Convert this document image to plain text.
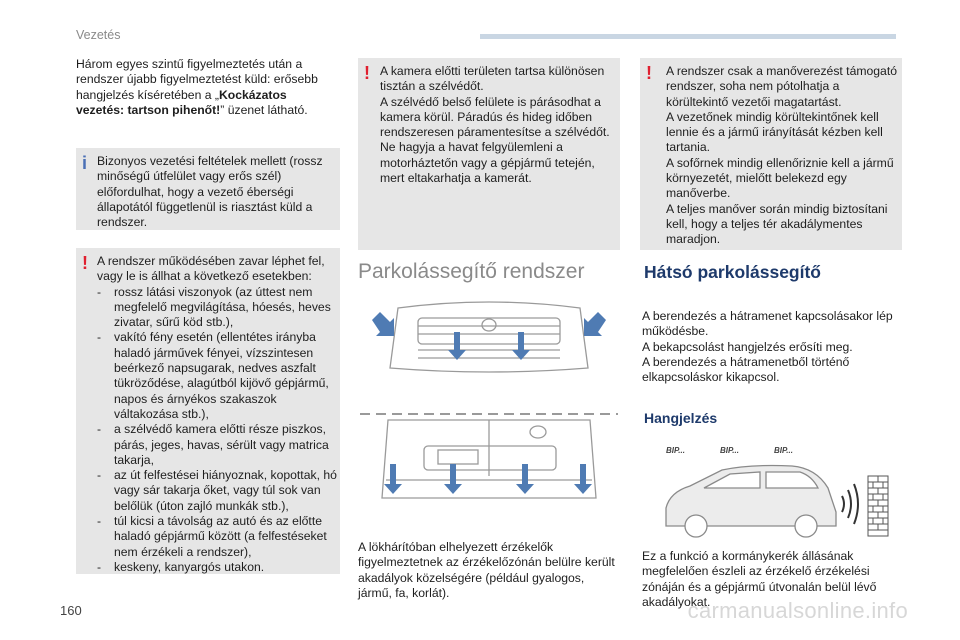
Vezetés

Három egyes szintű figyelmeztetés után a rendszer újabb figyelmeztetést küld: erősebb hangjelzés kíséretében a „Kockázatos vezetés: tartson pihenőt!” üzenet látható.

i Bizonyos vezetési feltételek mellett (rossz minőségű útfelület vagy erős szél) előfordulhat, hogy a vezető éberségi állapotától függetlenül is riasztást küld a rendszer.
! A rendszer működésében zavar léphet fel, vagy le is állhat a következő esetekben:

- rossz látási viszonyok (az úttest nem megfelelő megvilágítása, hóesés, heves zivatar, sűrű köd stb.),
- vakító fény esetén (ellentétes irányba haladó járművek fényei, vízszintesen beérkező napsugarak, nedves aszfalt tükröződése, alagútból kijövő gépjármű, napos és árnyékos szakaszok váltakozása stb.),
- a szélvédő kamera előtti része piszkos, párás, jeges, havas, sérült vagy matrica takarja,
- az út felfestései hiányoznak, kopottak, hó vagy sár takarja őket, vagy túl sok van belőlük (úton zajló munkák stb.),
- túl kicsi a távolság az autó és az előtte haladó gépjármű között (a felfestéseket nem érzékeli a rendszer),
- keskeny, kanyargós utakon.
! A kamera előtti területen tartsa különösen tisztán a szélvédőt.
A szélvédő belső felülete is párásodhat a kamera körül. Páradús és hideg időben rendszeresen páramentesítse a szélvédőt.
Ne hagyja a havat felgyülemleni a motorháztetőn vagy a gépjármű tetején, mert eltakarhatja a kamerát.
Parkolássegítő rendszer
A lökhárítóban elhelyezett érzékelők figyelmeztetnek az érzékelőzónán belülre került akadályok közelségére (például gyalogos, jármű, fa, korlát).
! A rendszer csak a manőverezést támogató rendszer, soha nem pótolhatja a körültekintő vezetői magatartást.
A vezetőnek mindig körültekintőnek kell lennie és a jármű irányítását kézben kell tartania.
A sofőrnek mindig ellenőriznie kell a jármű környezetét, mielőtt belekezd egy manőverbe.
A teljes manőver során mindig biztosítani kell, hogy a teljes tér akadálymentes maradjon.
Hátsó parkolássegítő
A berendezés a hátramenet kapcsolásakor lép működésbe.
A bekapcsolást hangjelzés erősíti meg.
A berendezés a hátramenetből történő elkapcsoláskor kikapcsol.
Hangjelzés
BIP...	BIP...	BIP...
Ez a funkció a kormánykerék állásának megfelelően észleli az érzékelő érzékelési zónáján és a gépjármű útvonalán belül lévő akadályokat.
160	carmanualsonline.info
